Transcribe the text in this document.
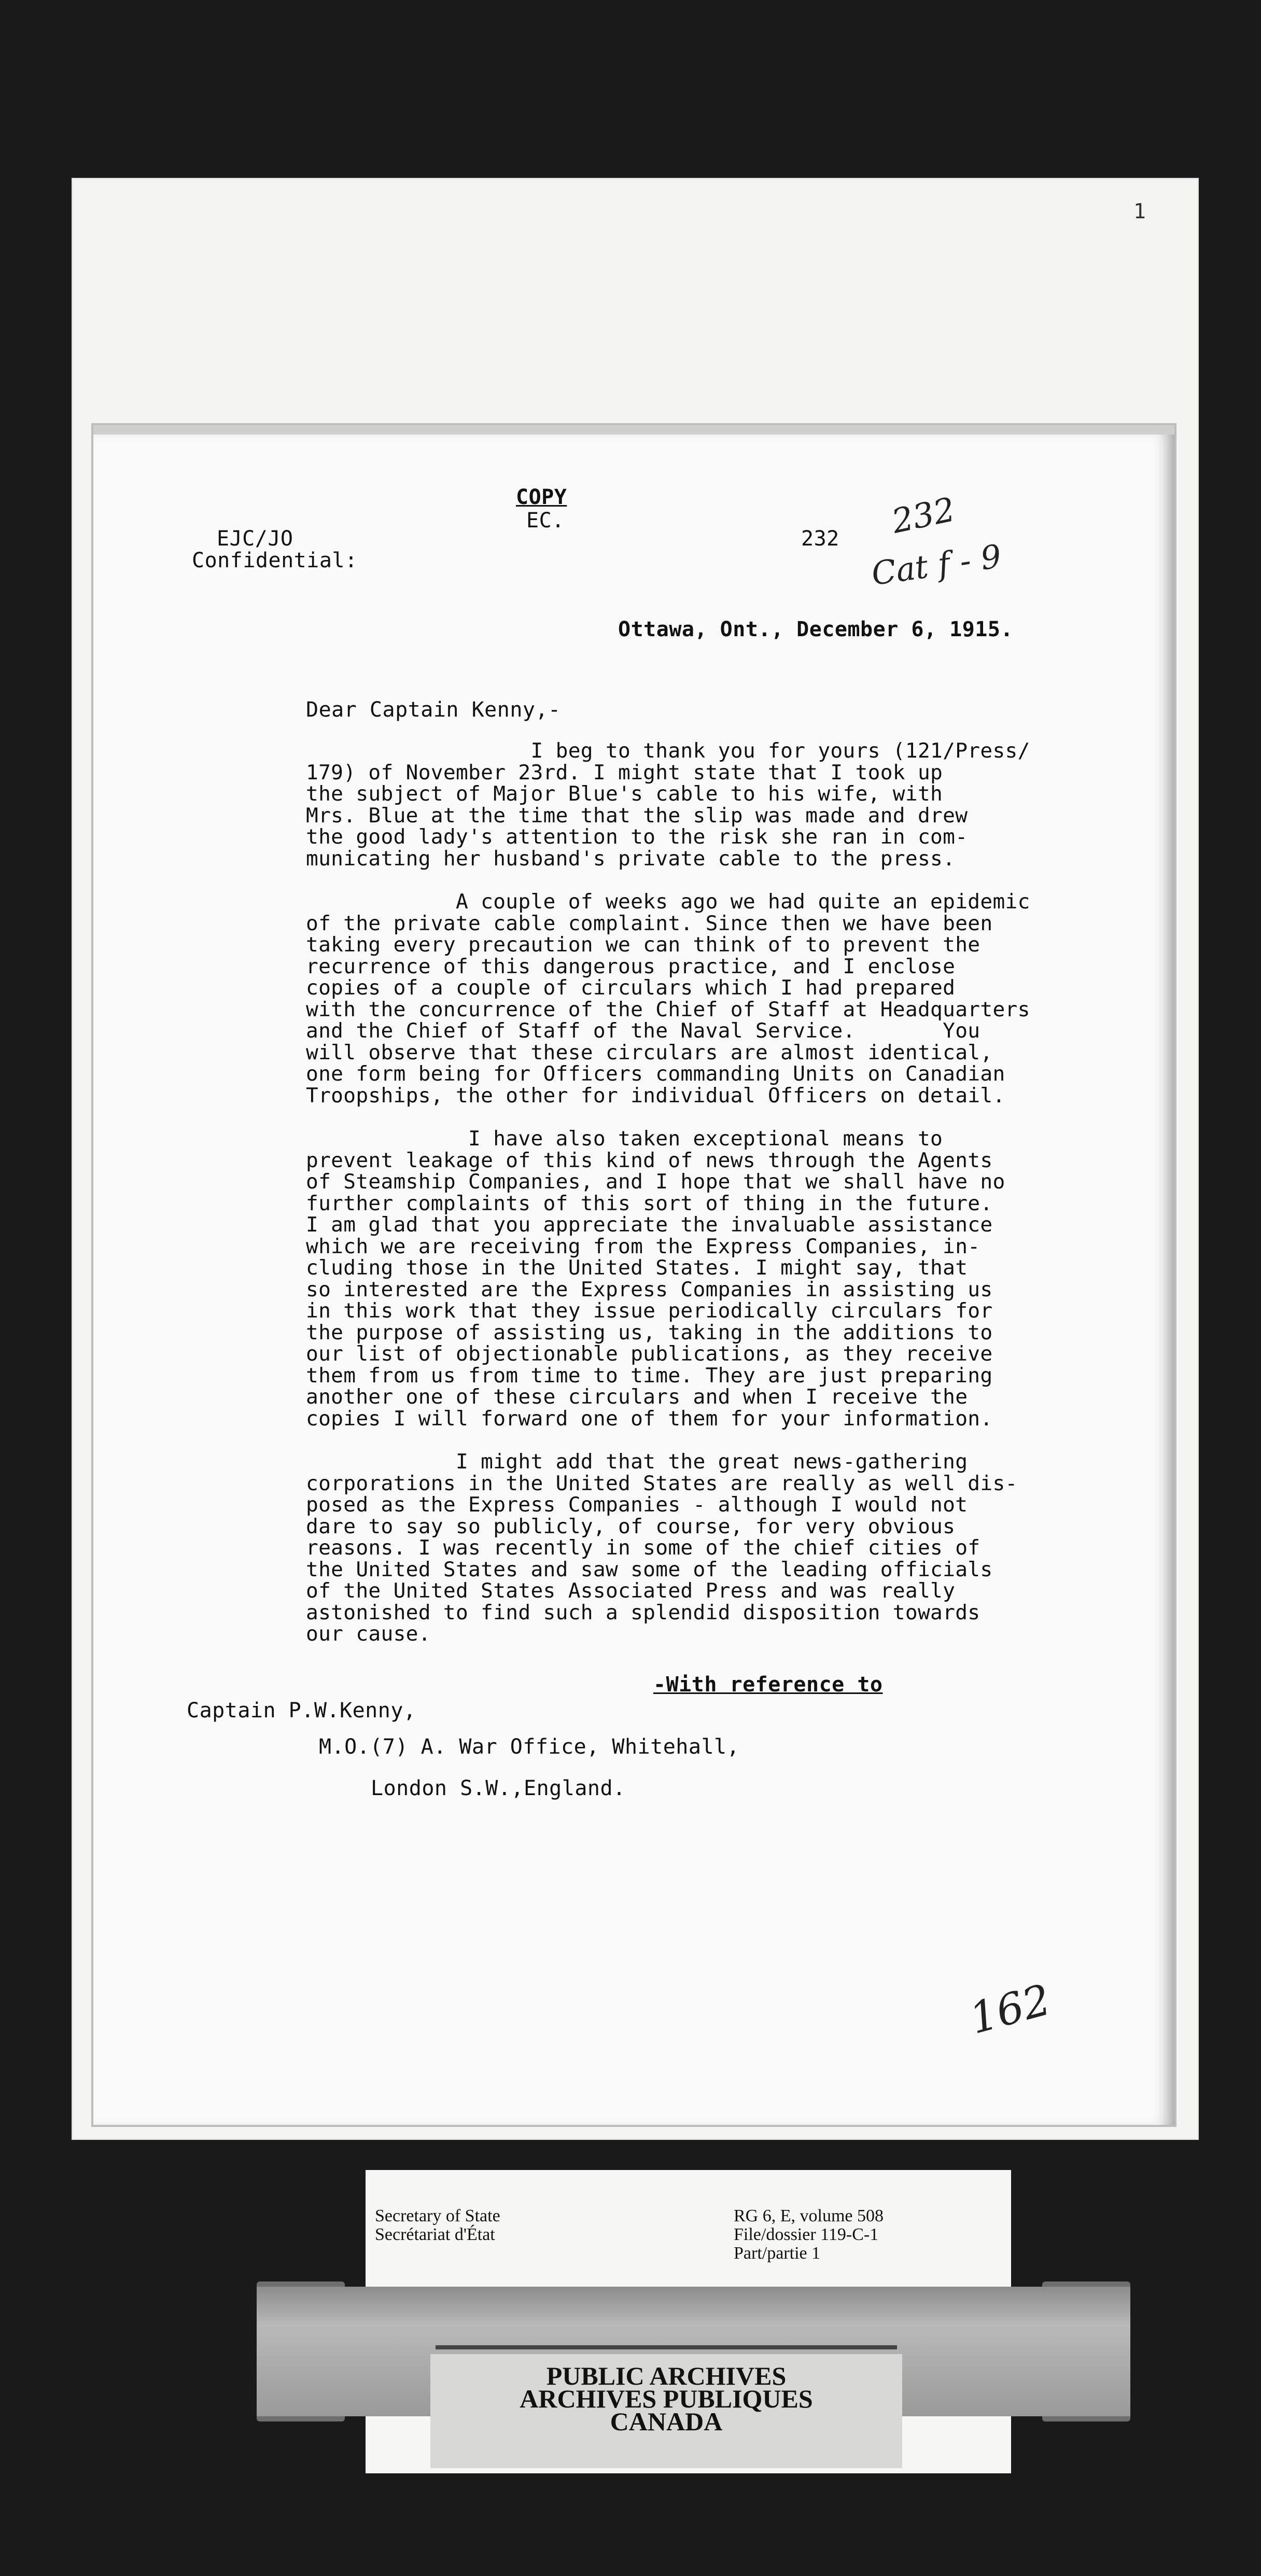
1
COPY
EC.
EJC/JO
Confidential:
232 232
Cat f - 9
Ottawa, Ont., December 6, 1915.
Dear Captain Kenny,-

I beg to thank you for yours (121/Press/

179) of November 23rd. I might state that I took up

the subject of Major Blue's cable to his wife, with

Mrs. Blue at the time that the slip was made and drew

the good lady's attention to the risk she ran in com-

municating her husband's private cable to the press.

A couple of weeks ago we had quite an epidemic

of the private cable complaint. Since then we have been

taking every precaution we can think of to prevent the

recurrence of this dangerous practice, and I enclose

copies of a couple of circulars which I had prepared

with the concurrence of the Chief of Staff at Headquarters

and the Chief of Staff of the Naval Service.       You

will observe that these circulars are almost identical,

one form being for Officers commanding Units on Canadian

Troopships, the other for individual Officers on detail.

I have also taken exceptional means to

prevent leakage of this kind of news through the Agents

of Steamship Companies, and I hope that we shall have no

further complaints of this sort of thing in the future.

I am glad that you appreciate the invaluable assistance

which we are receiving from the Express Companies, in-

cluding those in the United States. I might say, that

so interested are the Express Companies in assisting us

in this work that they issue periodically circulars for

the purpose of assisting us, taking in the additions to

our list of objectionable publications, as they receive

them from us from time to time. They are just preparing

another one of these circulars and when I receive the

copies I will forward one of them for your information.

I might add that the great news-gathering

corporations in the United States are really as well dis-

posed as the Express Companies - although I would not

dare to say so publicly, of course, for very obvious

reasons. I was recently in some of the chief cities of

the United States and saw some of the leading officials

of the United States Associated Press and was really

astonished to find such a splendid disposition towards

our cause.

-With reference to
Captain P.W.Kenny,
M.O.(7) A. War Office, Whitehall,
London S.W.,England.
162
Secretary of State
Secrétariat d'État
RG 6, E, volume 508
File/dossier 119-C-1
Part/partie 1
PUBLIC ARCHIVES
ARCHIVES PUBLIQUES
CANADA
